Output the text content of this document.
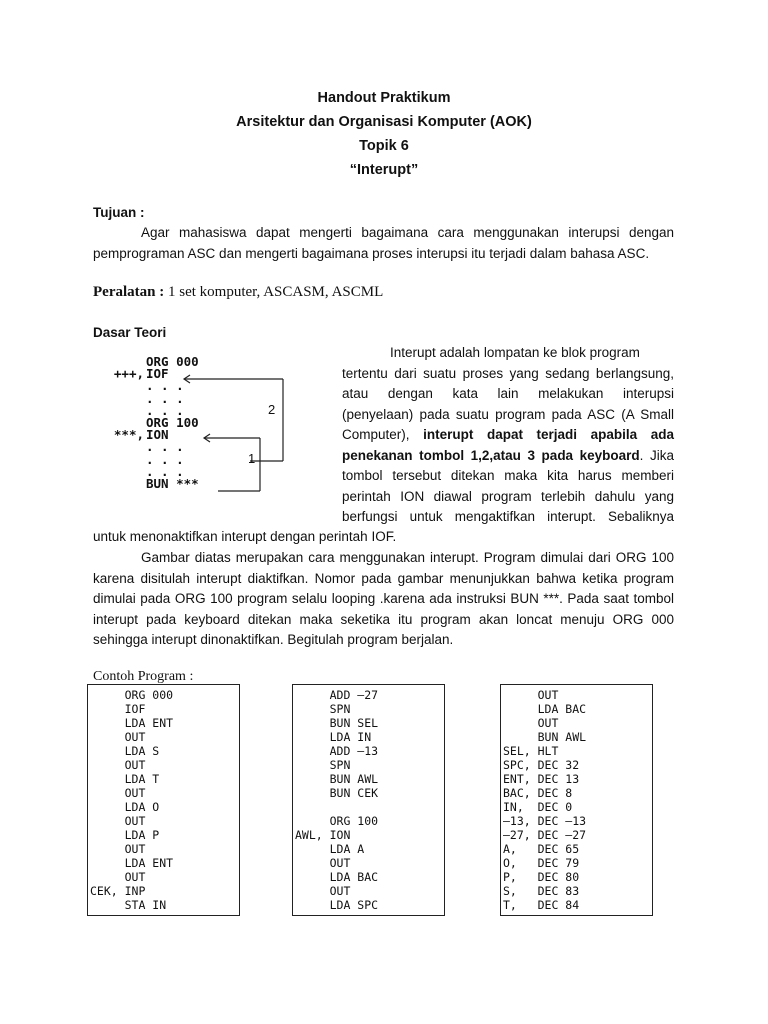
Handout Praktikum
Arsitektur dan Organisasi Komputer (AOK)
Topik 6
“Interupt”
Tujuan :
Agar mahasiswa dapat mengerti bagaimana cara menggunakan interupsi dengan pemprograman ASC dan mengerti bagaimana proses interupsi itu terjadi dalam bahasa ASC.
Peralatan : 1 set komputer, ASCASM, ASCML
Dasar Teori
ORG 000
+++, IOF
. . .
. . .
. . .
ORG 100
***, ION
. . .
. . .
. . .
BUN ***
2
1
Interupt adalah lompatan ke blok program
tertentu dari suatu proses yang sedang berlangsung,
atau dengan kata lain melakukan interupsi
(penyelaan) pada suatu program pada ASC (A Small
Computer), interupt dapat terjadi apabila ada
penekanan tombol 1,2,atau 3 pada keyboard. Jika
tombol tersebut ditekan maka kita harus memberi
perintah ION diawal program terlebih dahulu yang
berfungsi untuk mengaktifkan interupt. Sebaliknya
untuk menonaktifkan interupt dengan perintah IOF.
Gambar diatas merupakan cara menggunakan interupt. Program dimulai dari ORG 100 karena disitulah interupt diaktifkan. Nomor pada gambar menunjukkan bahwa ketika program dimulai pada ORG 100 program selalu looping .karena ada instruksi BUN ***. Pada saat tombol interupt pada keyboard ditekan maka seketika itu program akan loncat menuju ORG 000 sehingga interupt dinonaktifkan. Begitulah program berjalan.
Contoh Program :
ORG 000
IOF
LDA ENT
OUT
LDA S
OUT
LDA T
OUT
LDA O
OUT
LDA P
OUT
LDA ENT
OUT
CEK, INP
STA IN
ADD –27
SPN
BUN SEL
LDA IN
ADD –13
SPN
BUN AWL
BUN CEK
ORG 100
AWL, ION
LDA A
OUT
LDA BAC
OUT
LDA SPC
OUT
LDA BAC
OUT
BUN AWL
SEL, HLT
SPC, DEC 32
ENT, DEC 13
BAC, DEC 8
IN,  DEC 0
–13, DEC –13
–27, DEC –27
A,   DEC 65
O,   DEC 79
P,   DEC 80
S,   DEC 83
T,   DEC 84
